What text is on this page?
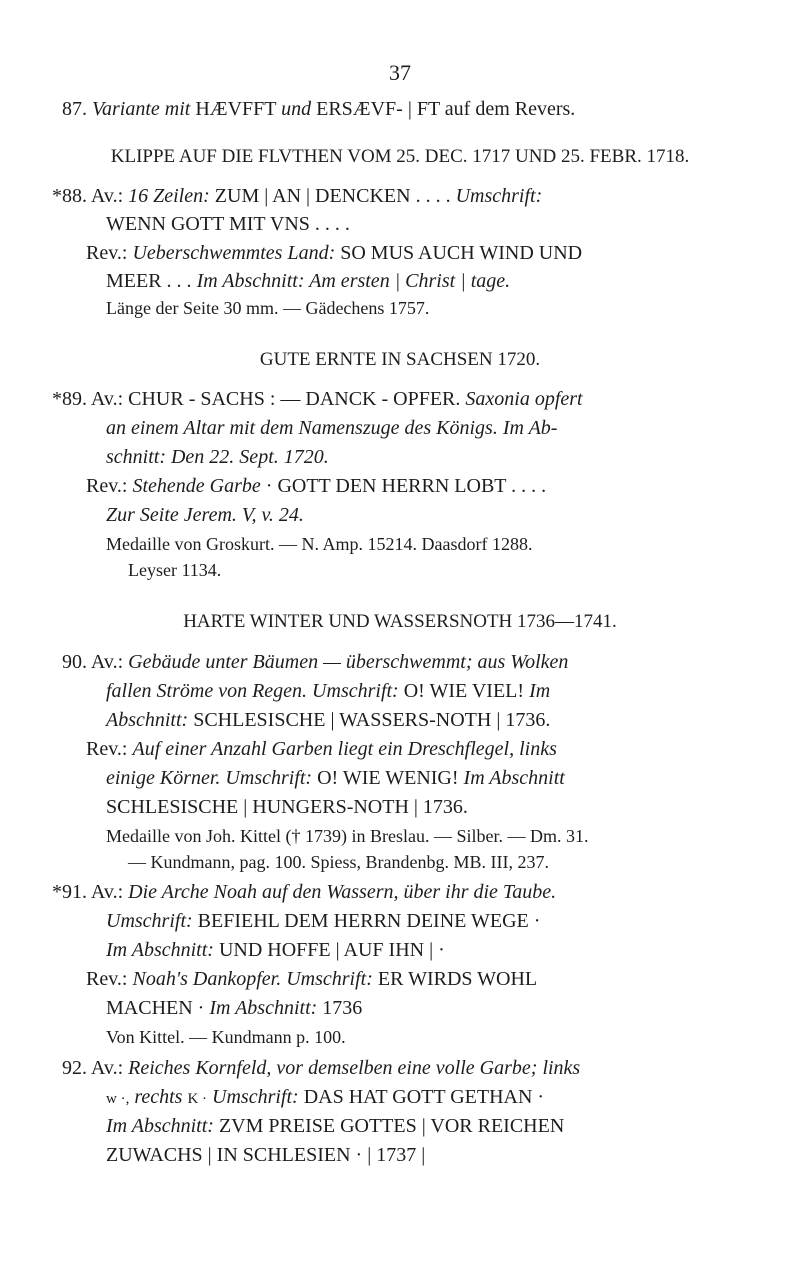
37
87. Variante mit HÆVFFT und ERSÆVF- | FT auf dem Revers.
KLIPPE AUF DIE FLVTHEN VOM 25. DEC. 1717 UND 25. FEBR. 1718.
*88. Av.: 16 Zeilen: ZUM | AN | DENCKEN . . . . Umschrift:
WENN GOTT MIT VNS . . . .
Rev.: Ueberschwemmtes Land: SO MUS AUCH WIND UND
MEER . . . Im Abschnitt: Am ersten | Christ | tage.
Länge der Seite 30 mm. — Gädechens 1757.
GUTE ERNTE IN SACHSEN 1720.
*89. Av.: CHUR - SACHS : — DANCK - OPFER. Saxonia opfert
an einem Altar mit dem Namenszuge des Königs. Im Ab-
schnitt: Den 22. Sept. 1720.
Rev.: Stehende Garbe · GOTT DEN HERRN LOBT . . . .
Zur Seite Jerem. V, v. 24.
Medaille von Groskurt. — N. Amp. 15214. Daasdorf 1288.
Leyser 1134.
HARTE WINTER UND WASSERSNOTH 1736—1741.
90. Av.: Gebäude unter Bäumen — überschwemmt; aus Wolken
fallen Ströme von Regen. Umschrift: O! WIE VIEL! Im
Abschnitt: SCHLESISCHE | WASSERS-NOTH | 1736.
Rev.: Auf einer Anzahl Garben liegt ein Dreschflegel, links
einige Körner. Umschrift: O! WIE WENIG! Im Abschnitt
SCHLESISCHE | HUNGERS-NOTH | 1736.
Medaille von Joh. Kittel († 1739) in Breslau. — Silber. — Dm. 31.
— Kundmann, pag. 100. Spiess, Brandenbg. MB. III, 237.
*91. Av.: Die Arche Noah auf den Wassern, über ihr die Taube.
Umschrift: BEFIEHL DEM HERRN DEINE WEGE ·
Im Abschnitt: UND HOFFE | AUF IHN | ·
Rev.: Noah's Dankopfer. Umschrift: ER WIRDS WOHL
MACHEN · Im Abschnitt: 1736
Von Kittel. — Kundmann p. 100.
92. Av.: Reiches Kornfeld, vor demselben eine volle Garbe; links
w ·, rechts K · Umschrift: DAS HAT GOTT GETHAN ·
Im Abschnitt: ZVM PREISE GOTTES | VOR REICHEN
ZUWACHS | IN SCHLESIEN · | 1737 |
